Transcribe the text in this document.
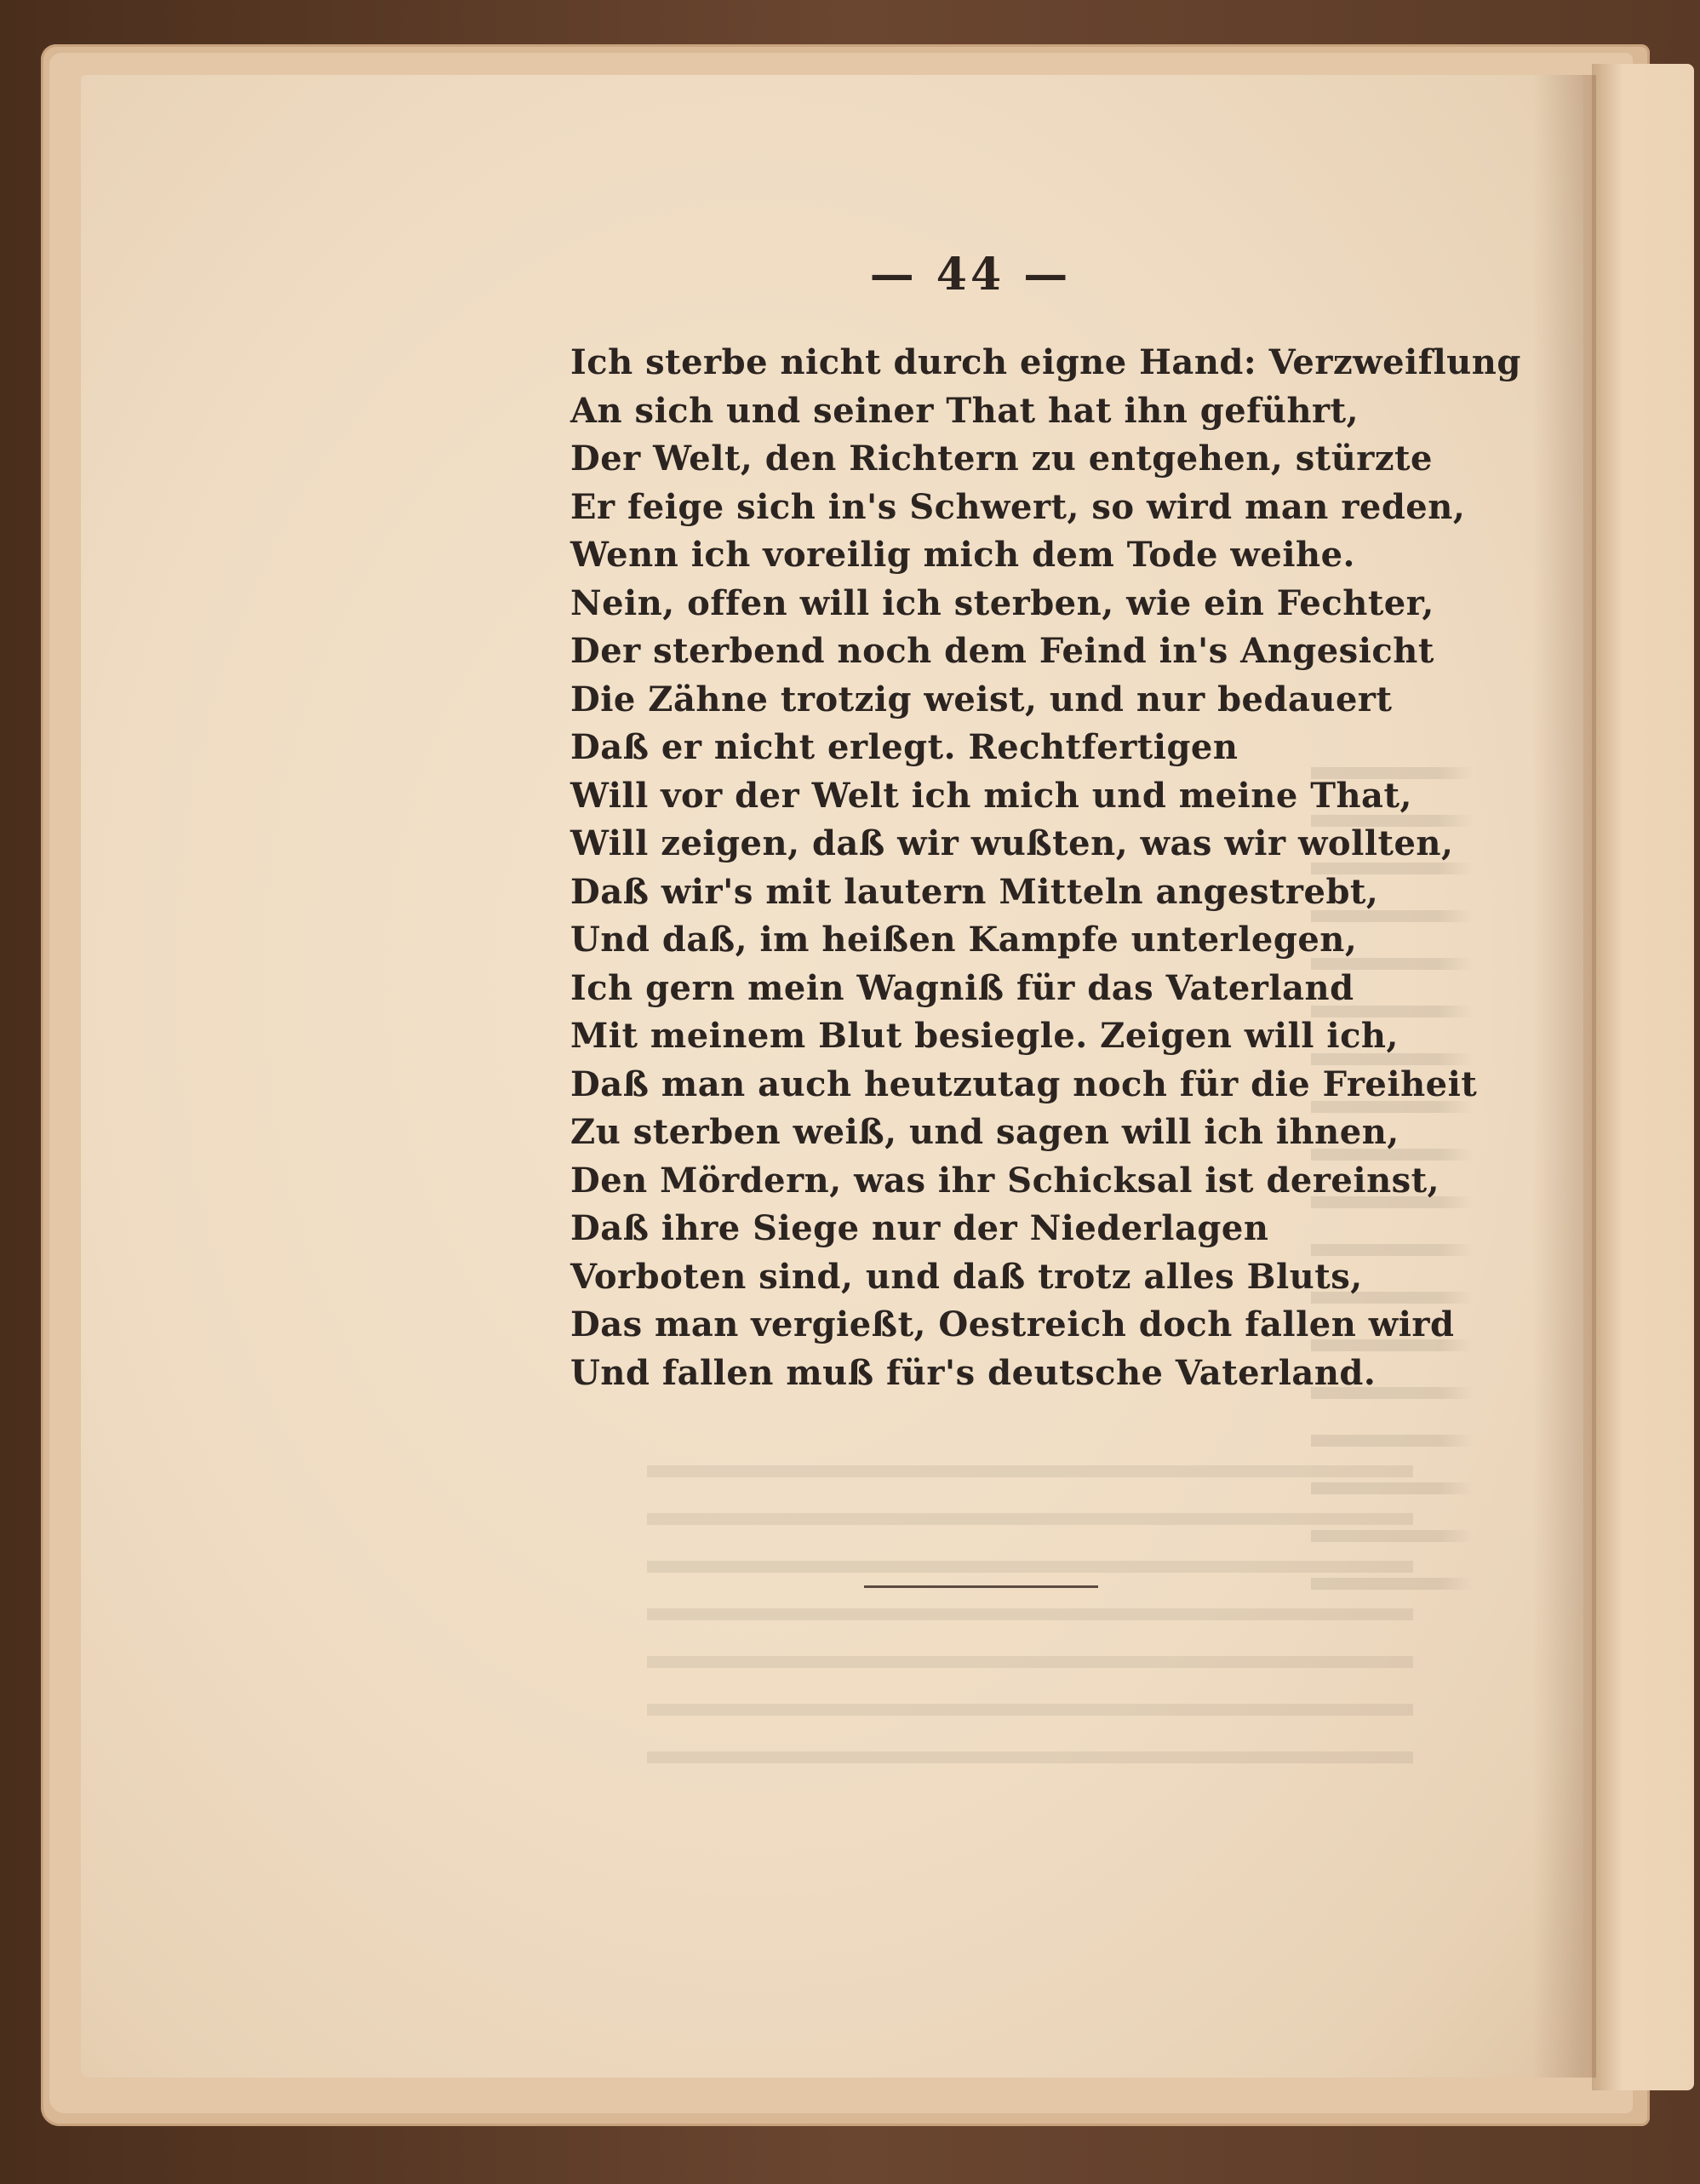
— 44 —
Ich sterbe nicht durch eigne Hand: Verzweiflung
An sich und seiner That hat ihn geführt,
Der Welt, den Richtern zu entgehen, stürzte
Er feige sich in's Schwert, so wird man reden,
Wenn ich voreilig mich dem Tode weihe.
Nein, offen will ich sterben, wie ein Fechter,
Der sterbend noch dem Feind in's Angesicht
Die Zähne trotzig weist, und nur bedauert
Daß er nicht erlegt. Rechtfertigen
Will vor der Welt ich mich und meine That,
Will zeigen, daß wir wußten, was wir wollten,
Daß wir's mit lautern Mitteln angestrebt,
Und daß, im heißen Kampfe unterlegen,
Ich gern mein Wagniß für das Vaterland
Mit meinem Blut besiegle. Zeigen will ich,
Daß man auch heutzutag noch für die Freiheit
Zu sterben weiß, und sagen will ich ihnen,
Den Mördern, was ihr Schicksal ist dereinst,
Daß ihre Siege nur der Niederlagen
Vorboten sind, und daß trotz alles Bluts,
Das man vergießt, Oestreich doch fallen wird
Und fallen muß für's deutsche Vaterland.
